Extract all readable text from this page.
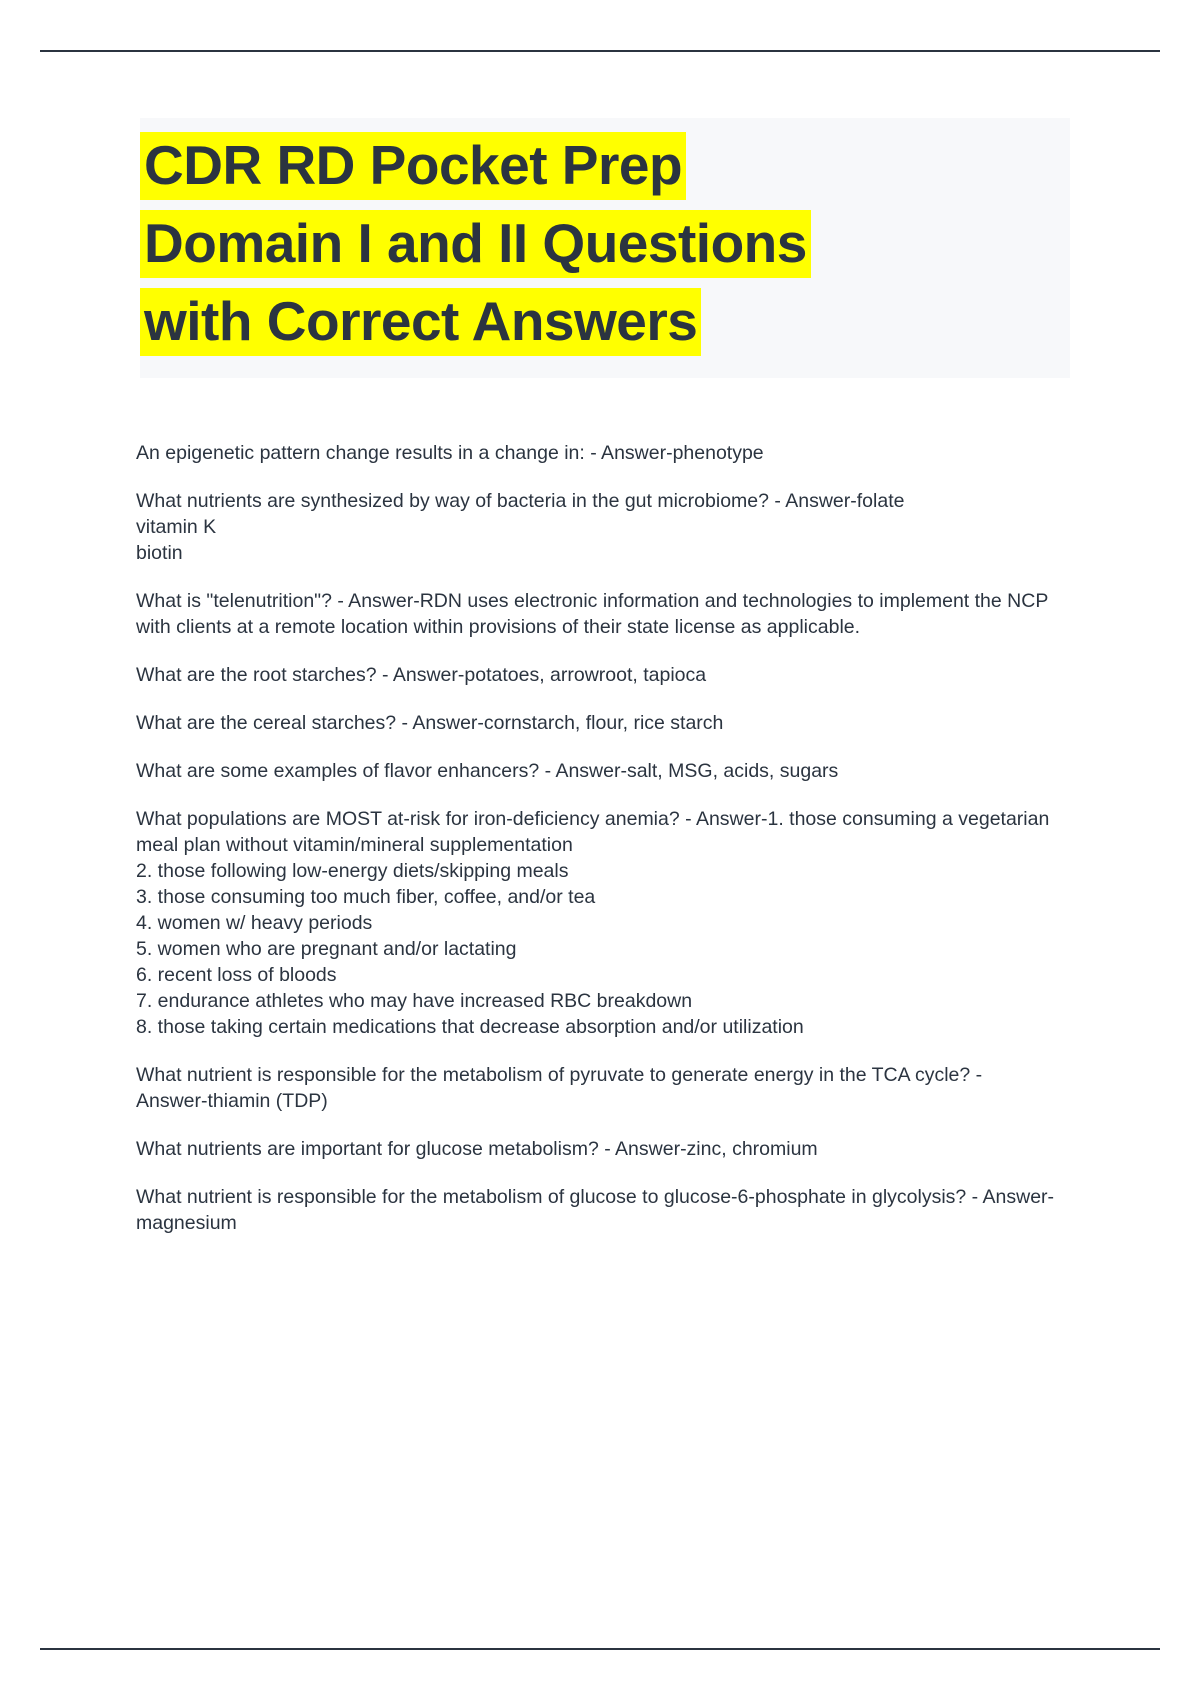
CDR RD Pocket Prep
Domain I and II Questions
with Correct Answers

An epigenetic pattern change results in a change in: - Answer-phenotype

What nutrients are synthesized by way of bacteria in the gut microbiome? - Answer-folate
vitamin K
biotin

What is "telenutrition"? - Answer-RDN uses electronic information and technologies to implement the NCP with clients at a remote location within provisions of their state license as applicable.

What are the root starches? - Answer-potatoes, arrowroot, tapioca

What are the cereal starches? - Answer-cornstarch, flour, rice starch

What are some examples of flavor enhancers? - Answer-salt, MSG, acids, sugars

What populations are MOST at-risk for iron-deficiency anemia? - Answer-1. those consuming a vegetarian meal plan without vitamin/mineral supplementation
2. those following low-energy diets/skipping meals
3. those consuming too much fiber, coffee, and/or tea
4. women w/ heavy periods
5. women who are pregnant and/or lactating
6. recent loss of bloods
7. endurance athletes who may have increased RBC breakdown
8. those taking certain medications that decrease absorption and/or utilization

What nutrient is responsible for the metabolism of pyruvate to generate energy in the TCA cycle? - Answer-thiamin (TDP)

What nutrients are important for glucose metabolism? - Answer-zinc, chromium

What nutrient is responsible for the metabolism of glucose to glucose-6-phosphate in glycolysis? - Answer-magnesium
